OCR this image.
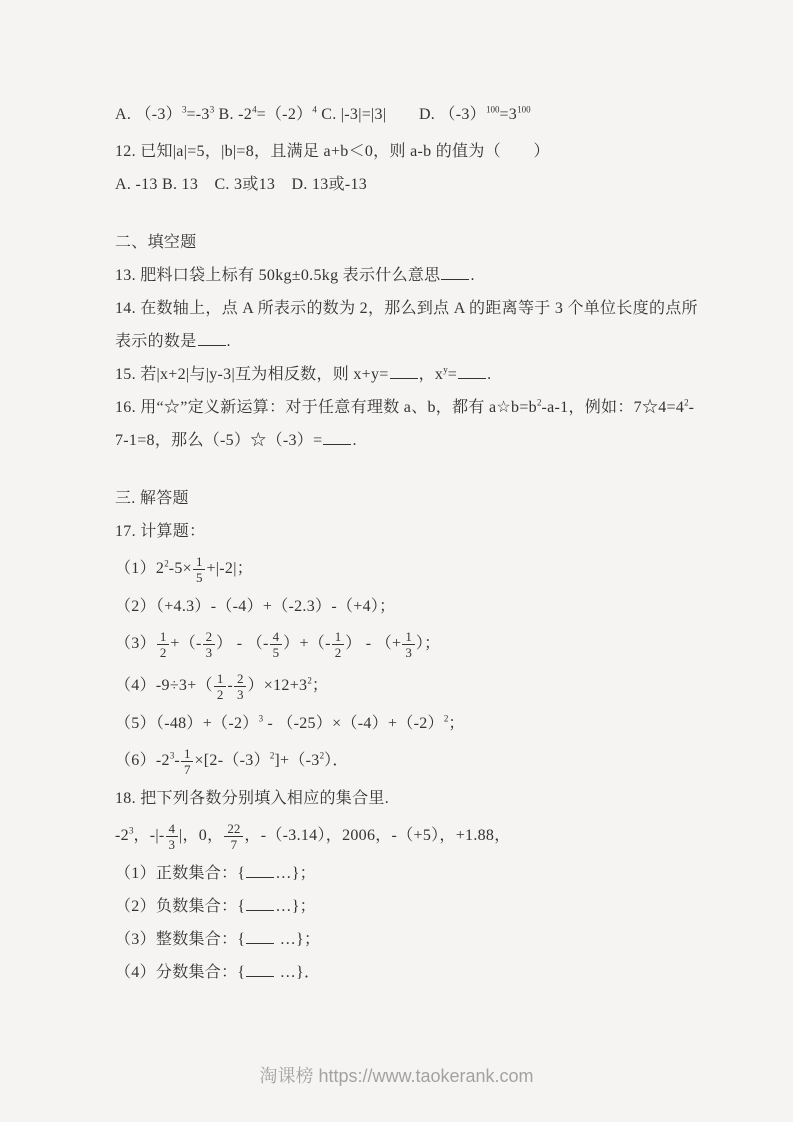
A. $(-3)^3=-3^3$ B. $-2^4=(-2)^4$ C. |-3|=|3|　　D. $(-3)^{100}=3^{100}$
12. 已知|a|=5，|b|=8，且满足 a+b＜0，则 a-b 的值为（　　）
A. -13 B. 13　C. 3或13　D. 13或-13
二、填空题
13. 肥料口袋上标有 50kg±0.5kg 表示什么意思 .
14. 在数轴上，点 A 所表示的数为 2，那么到点 A 的距离等于 3 个单位长度的点所表示的数是 .
15. 若|x+2|与|y-3|互为相反数，则 x+y= ，$x^y=$ .
16. 用“☆”定义新运算：对于任意有理数 a、b，都有 $a☆b=b^2-a-1$，例如：$7☆4=4^2-7-1=8$，那么（-5）☆（-3）= .
三. 解答题
17. 计算题：
$(1)2^2-5\times \frac{1}{5} +|-2|$；
（2）（+4.3）-（-4）+（-2.3）-（+4）；
$(3) \frac{1}{2}$ +（- $\frac{2}{3}$ ） - （- $\frac{4}{5}$ ）+（- $\frac{1}{2}$ ） - （+ $\frac{1}{3}$ ）；
$(4)-9\div 3+( \frac{1}{2} - \frac{2}{3} )\times 12+3^2$；
$(5)(-48)+(-2)^3 - (-25)\times(-4)+(-2)^2$；
$(6)-2^3- \frac{1}{7} \times[2-(-3)^2]+(-3^2)$．
18. 把下列各数分别填入相应的集合里.
$-2^3$，-|- $\frac{4}{3}$ |，0， $\frac{22}{7}$ ，-（-3.14），2006，-（+5），+1.88，
（1）正数集合：{ …}；
（2）负数集合：{ …}；
（3）整数集合：{ …}；
（4）分数集合：{ …}．
淘课榜 https://www.taokerank.com
